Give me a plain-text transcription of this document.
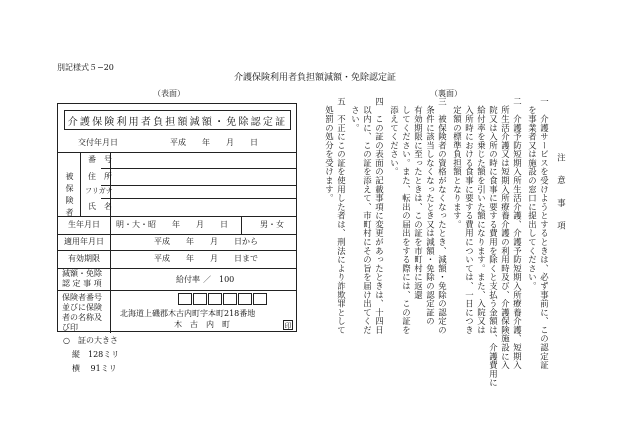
別記様式５−20
介護保険利用者負担額減額・免除認定証
（表面）	（裏面）
介護保険利用者負担額減額・免除認定証
交付年月日	平成　　年　　月　　日
被保険者
番　号
住　所
フリガナ
氏　名
生年月日 明・大・昭　　年　　月　　日	男・女
適用年月日	平成　　年　　月　　日から
有効期限	平成　　年　　月　　日まで
減額・免除
認 定 事 項	給付率 ／　100
保険者番号
並びに保険
者の名称及
び印
北海道上磯郡木古内町字本町218番地
木　古　内　町	印
○　証の大きさ
縦　128ミリ
横　 91ミリ
注　意　事　項
一　介護サービスを受けようとするときは、必ず事前に、この認定証
　を事業者又は施設の窓口に提出してください。
二　介護予防短期入所生活介護、介護予防短期入所療養介護、短期入
　所生活介護又は短期入所療養介護の利用時及び、介護保険施設に入
　院又は入所の時に食事に要する費用を除くと支払う金額は、介護費用に
　給付率を乗じた額を引いた額になります。また、入院又は
　入所時における食事に要する費用については、一日につき
　定額の標準負担額となります。
三　被保険者の資格がなくなったとき、減額・免除の認定の
　条件に該当しなくなったとき又は減額・免除の認定証の
　有効期限に至ったときは、この証を市町村に返還
　してください。また、転出の届出をする際には、この証を
　添えてください。
四　この証の表面の記載事項に変更があったときは、十四日
　以内に、この証を添えて、市町村にその旨を届け出てくだ
　さい。
五　不正にこの証を使用した者は、刑法により詐欺罪として
　処罰の処分を受けます。
